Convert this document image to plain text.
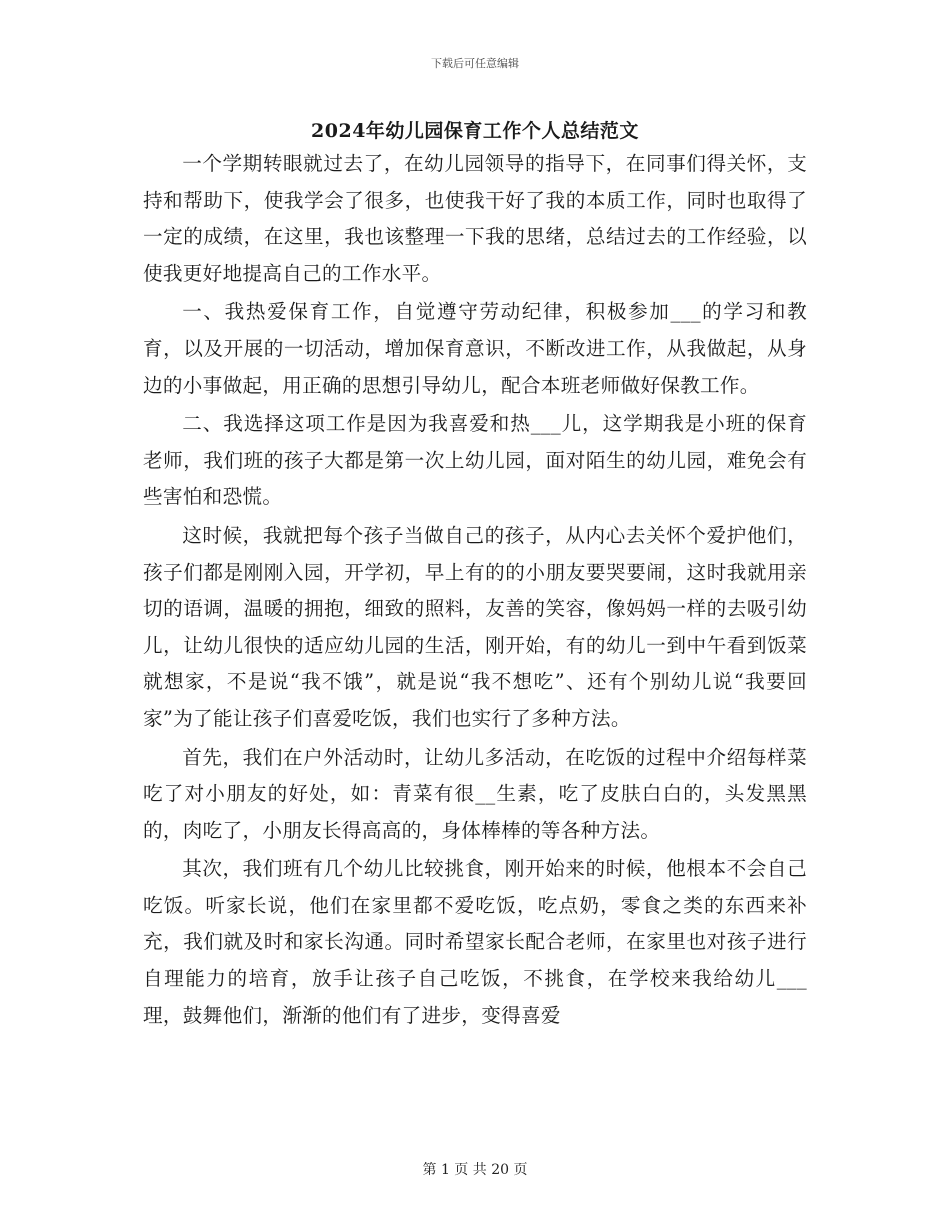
下载后可任意编辑
2024年幼儿园保育工作个人总结范文

一个学期转眼就过去了，在幼儿园领导的指导下，在同事们得关怀，支持和帮助下，使我学会了很多，也使我干好了我的本质工作，同时也取得了一定的成绩，在这里，我也该整理一下我的思绪，总结过去的工作经验，以使我更好地提高自己的工作水平。

一、我热爱保育工作，自觉遵守劳动纪律，积极参加___的学习和教育，以及开展的一切活动，增加保育意识，不断改进工作，从我做起，从身边的小事做起，用正确的思想引导幼儿，配合本班老师做好保教工作。

二、我选择这项工作是因为我喜爱和热___儿，这学期我是小班的保育老师，我们班的孩子大都是第一次上幼儿园，面对陌生的幼儿园，难免会有些害怕和恐慌。

这时候，我就把每个孩子当做自己的孩子，从内心去关怀个爱护他们，孩子们都是刚刚入园，开学初，早上有的的小朋友要哭要闹，这时我就用亲切的语调，温暖的拥抱，细致的照料，友善的笑容，像妈妈一样的去吸引幼儿，让幼儿很快的适应幼儿园的生活，刚开始，有的幼儿一到中午看到饭菜就想家，不是说“我不饿”，就是说“我不想吃”、还有个别幼儿说“我要回家”为了能让孩子们喜爱吃饭，我们也实行了多种方法。

首先，我们在户外活动时，让幼儿多活动，在吃饭的过程中介绍每样菜吃了对小朋友的好处，如：青菜有很__生素，吃了皮肤白白的，头发黑黑的，肉吃了，小朋友长得高高的，身体棒棒的等各种方法。

其次，我们班有几个幼儿比较挑食，刚开始来的时候，他根本不会自己吃饭。听家长说，他们在家里都不爱吃饭，吃点奶，零食之类的东西来补充，我们就及时和家长沟通。同时希望家长配合老师，在家里也对孩子进行自理能力的培育，放手让孩子自己吃饭，不挑食，在学校来我给幼儿___理，鼓舞他们，渐渐的他们有了进步，变得喜爱

第 1 页 共 20 页
